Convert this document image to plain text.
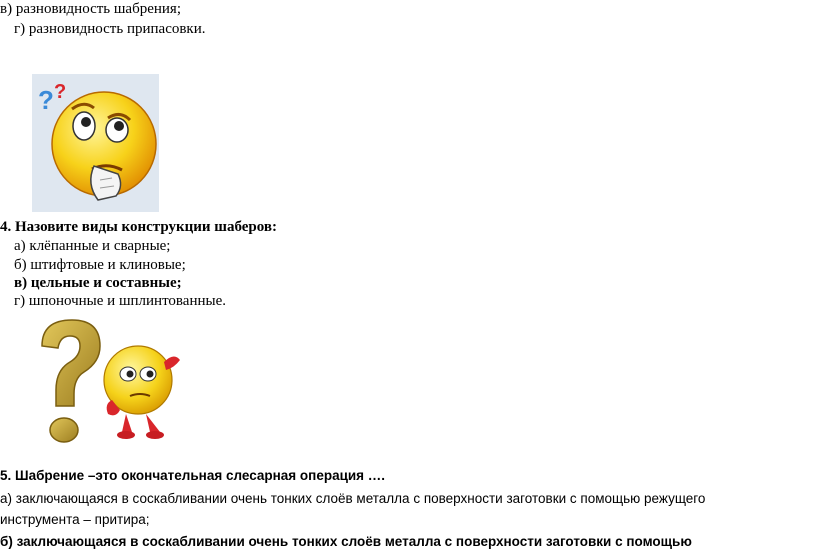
в) разновидность шабрения;
г) разновидность припасовки.
? ?
4. Назовите виды конструкции шаберов:
а) клёпанные и сварные;
б) штифтовые и клиновые;
в) цельные и составные;
г) шпоночные и шплинтованные.
5. Шабрение –это окончательная слесарная операция ….
а) заключающаяся в соскабливании очень тонких слоёв металла с поверхности заготовки с помощью режущего
инструмента – притира;
б) заключающаяся в соскабливании очень тонких слоёв металла с поверхности заготовки с помощью
